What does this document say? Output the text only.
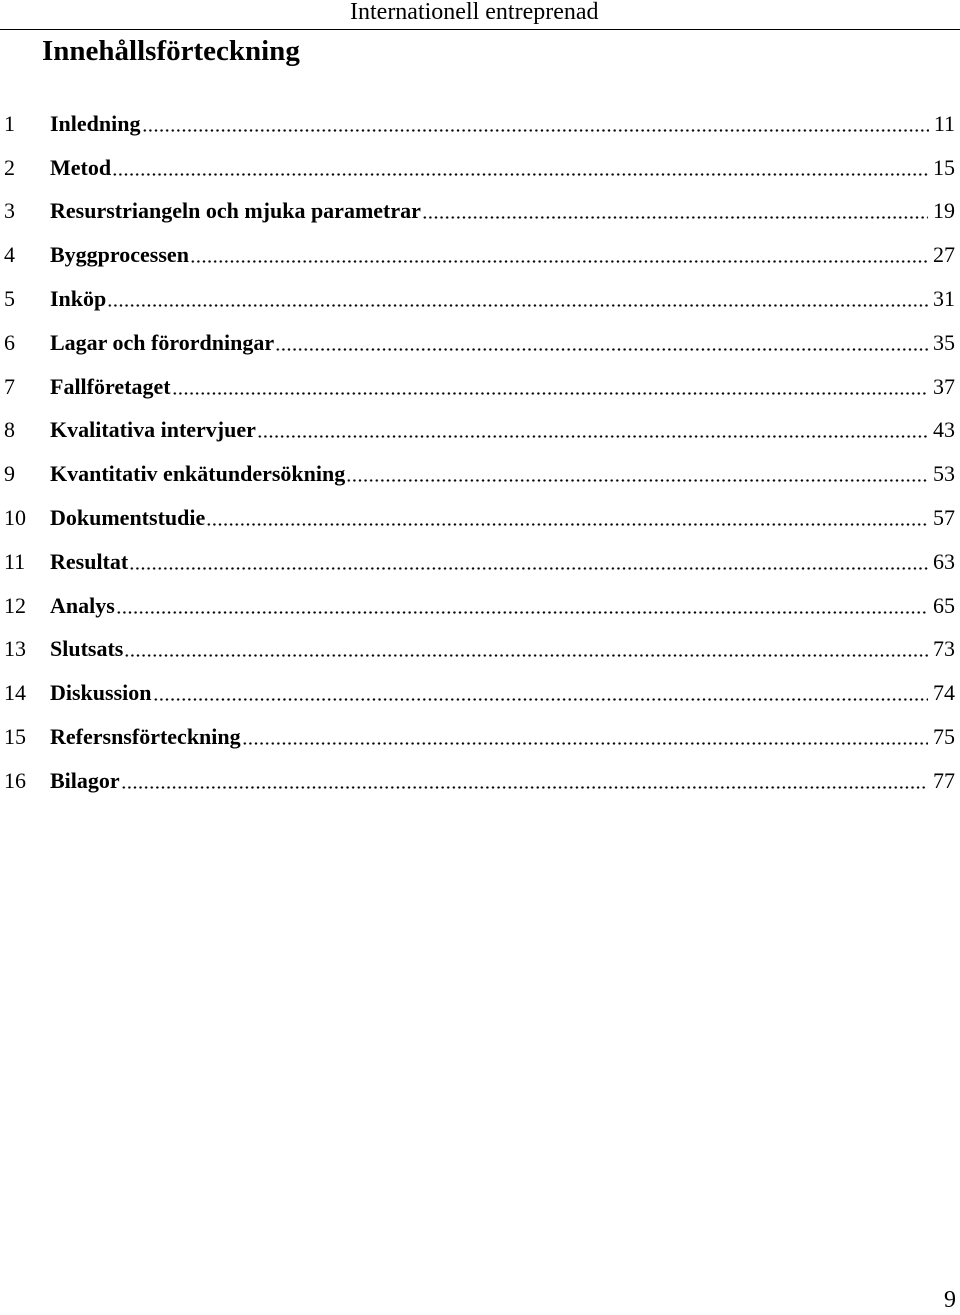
Internationell entreprenad
Innehållsförteckning
1 Inledning	11
2 Metod	15
3 Resurstriangeln och mjuka parametrar	19
4 Byggprocessen	27
5 Inköp	31
6 Lagar och förordningar	35
7 Fallföretaget	37
8 Kvalitativa intervjuer	43
9 Kvantitativ enkätundersökning	53
10 Dokumentstudie	57
11 Resultat	63
12 Analys	65
13 Slutsats	73
14 Diskussion	74
15 Refersnsförteckning	75
16 Bilagor	77
9
